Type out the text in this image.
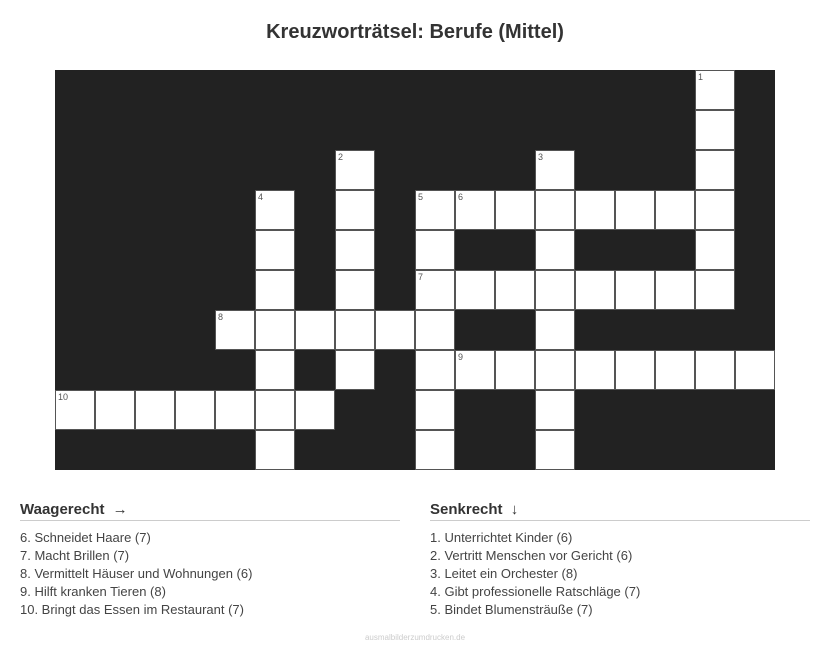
Kreuzworträtsel: Berufe (Mittel)
1
2	3
4	5
7
6
8
9
10
Waagerecht →
6. Schneidet Haare (7)
7. Macht Brillen (7)
8. Vermittelt Häuser und Wohnungen (6)
9. Hilft kranken Tieren (8)
10. Bringt das Essen im Restaurant (7)
Senkrecht ↓
1. Unterrichtet Kinder (6)
2. Vertritt Menschen vor Gericht (6)
3. Leitet ein Orchester (8)
4. Gibt professionelle Ratschläge (7)
5. Bindet Blumensträuße (7)
ausmalbilderzumdrucken.de
